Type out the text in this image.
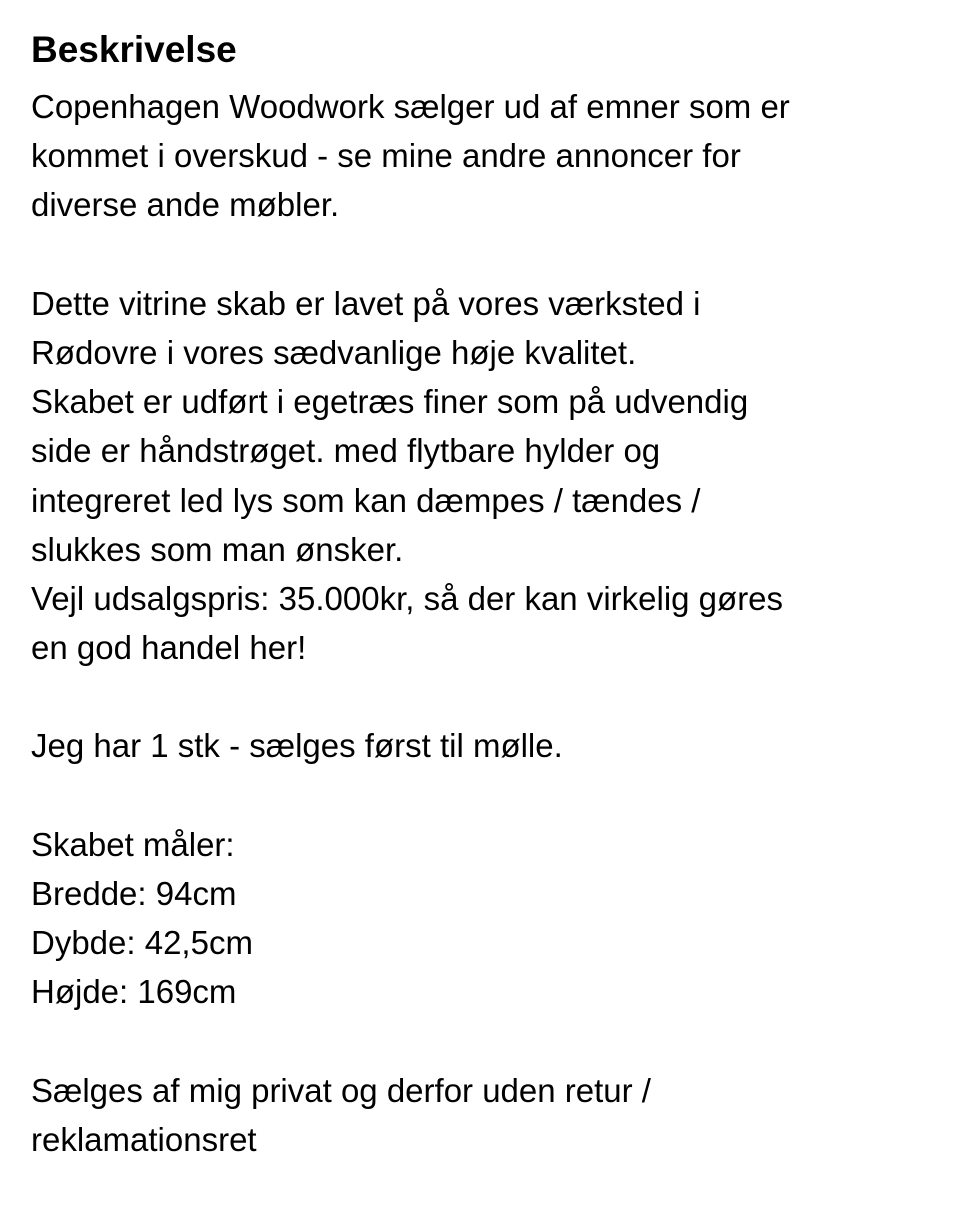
Beskrivelse
Copenhagen Woodwork sælger ud af emner som er
kommet i overskud - se mine andre annoncer for
diverse ande møbler.
Dette vitrine skab er lavet på vores værksted i
Rødovre i vores sædvanlige høje kvalitet.
Skabet er udført i egetræs finer som på udvendig
side er håndstrøget. med flytbare hylder og
integreret led lys som kan dæmpes / tændes /
slukkes som man ønsker.
Vejl udsalgspris: 35.000kr, så der kan virkelig gøres
en god handel her!
Jeg har 1 stk - sælges først til mølle.
Skabet måler:
Bredde: 94cm
Dybde: 42,5cm
Højde: 169cm
Sælges af mig privat og derfor uden retur /
reklamationsret
